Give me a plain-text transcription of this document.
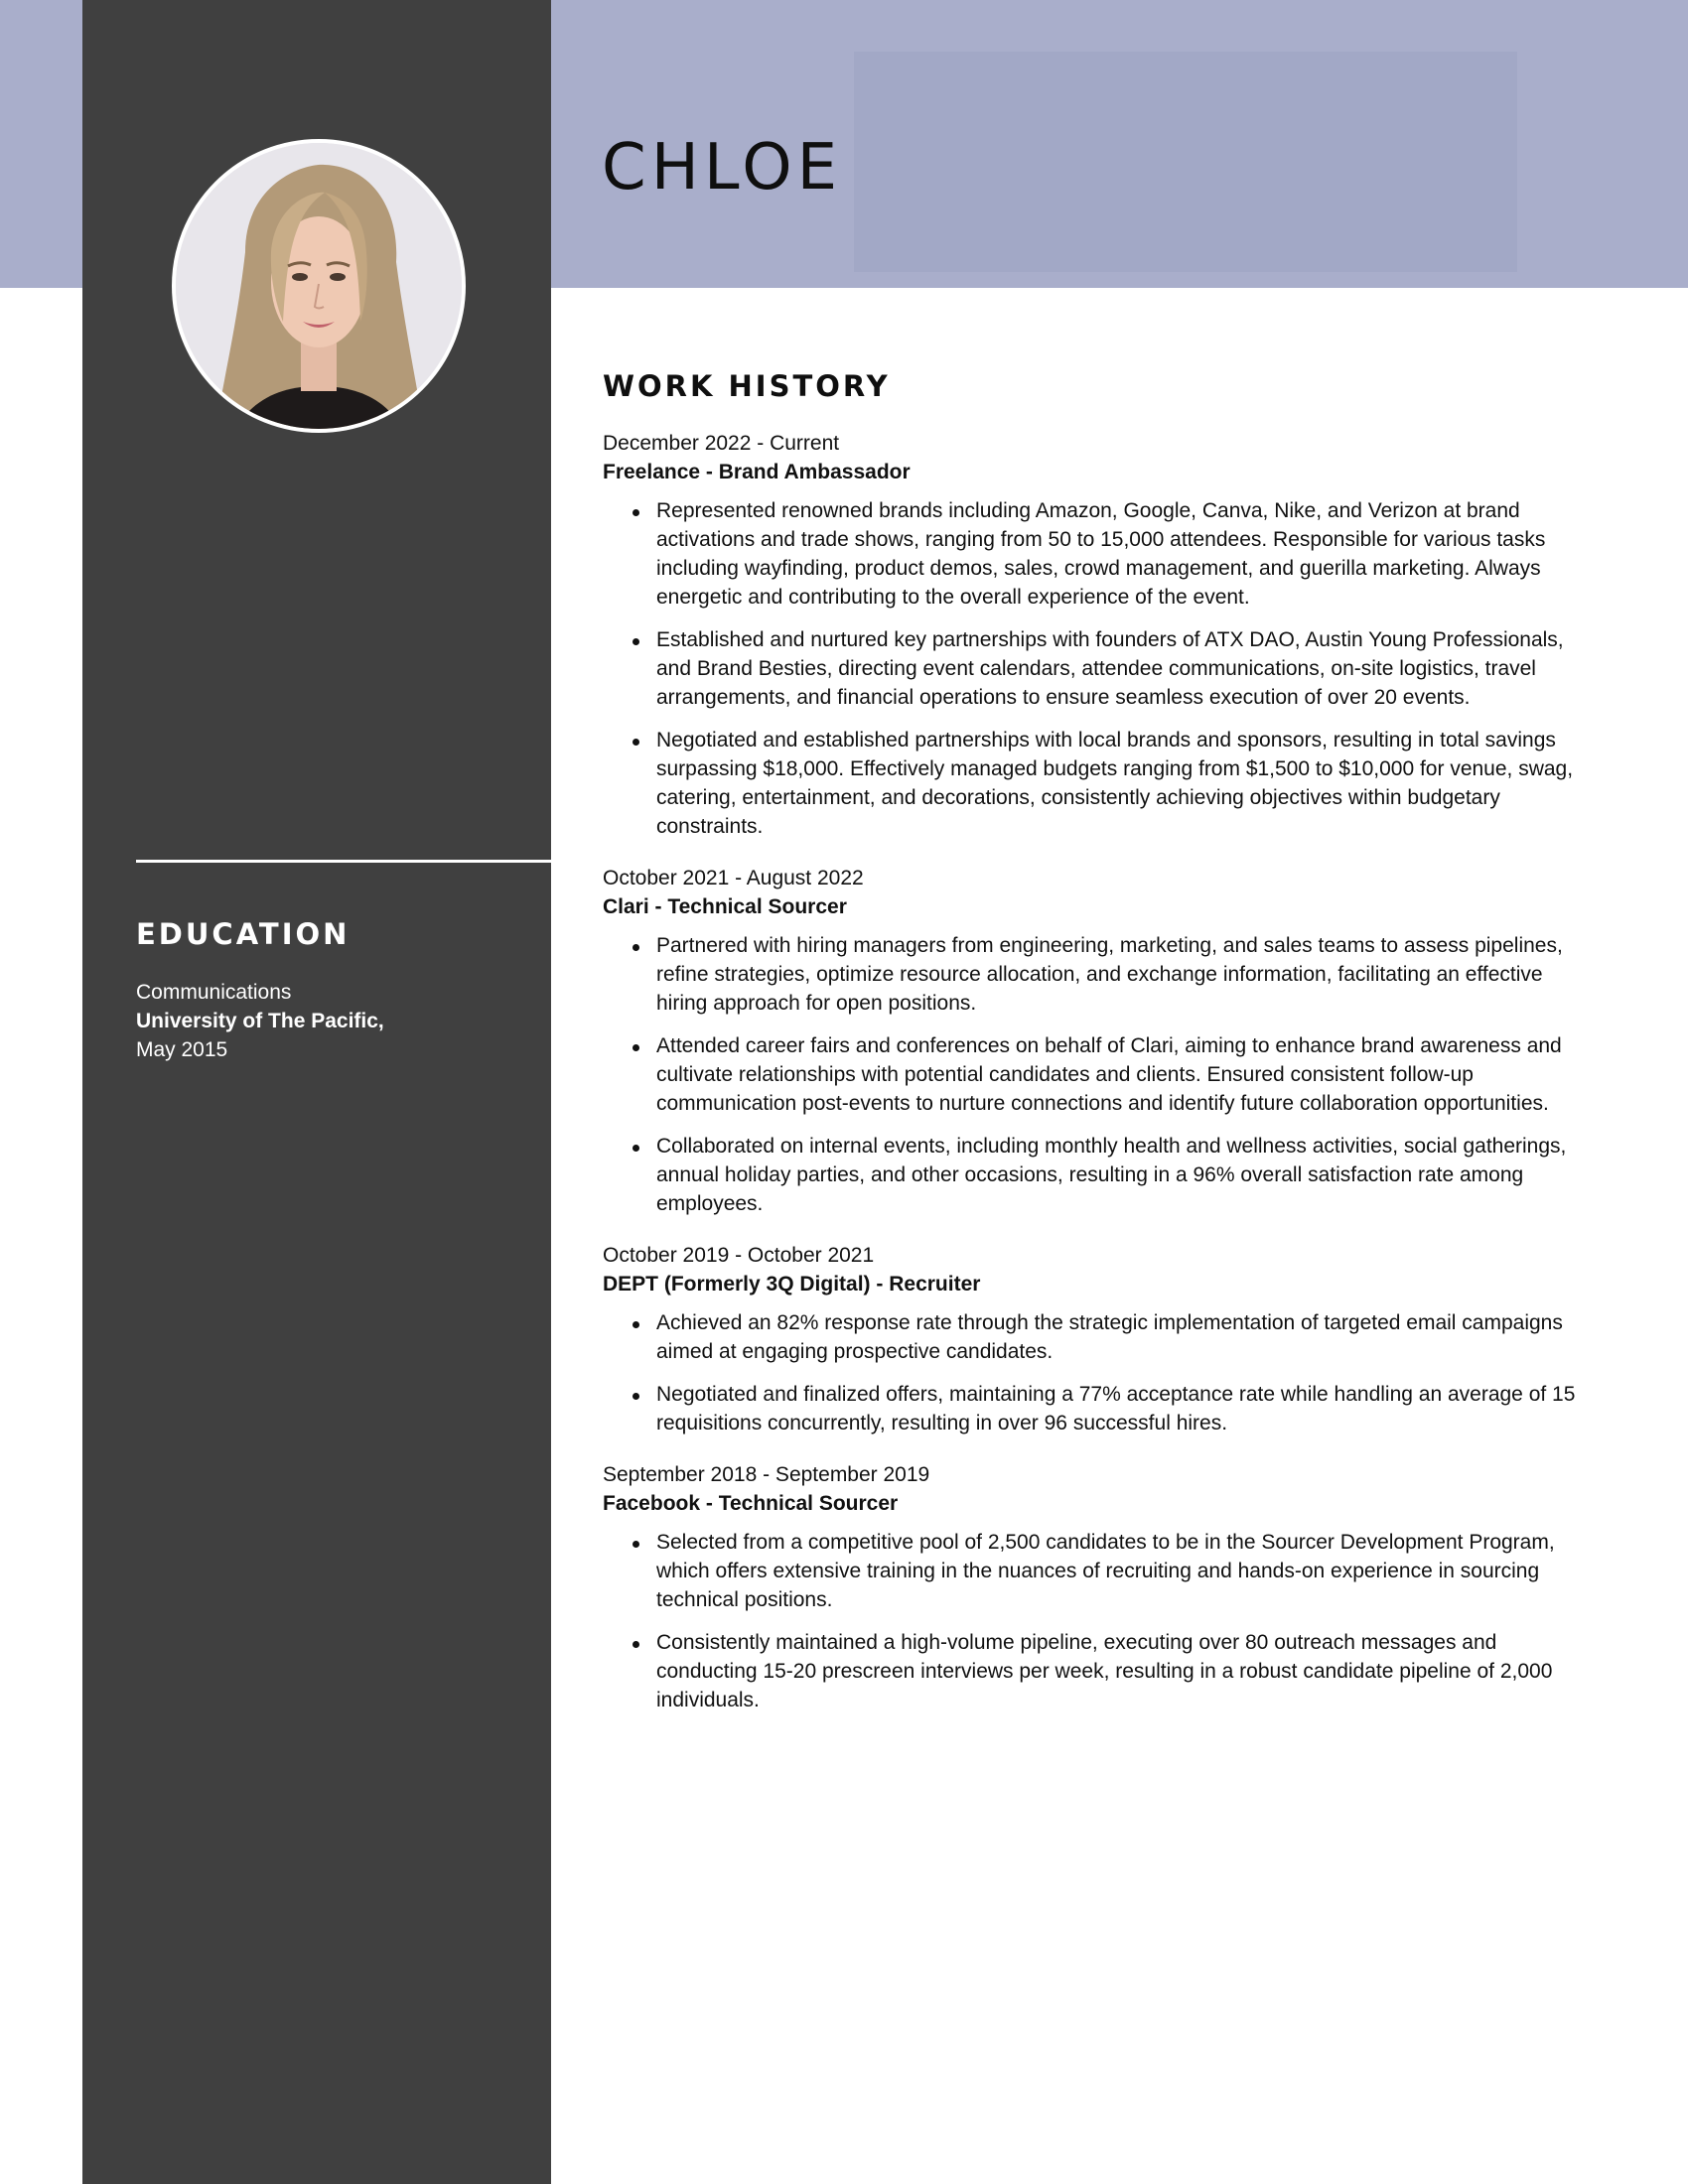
CHLOE
EDUCATION
Communications
University of The Pacific,
May 2015
WORK HISTORY
December 2022 - Current
Freelance - Brand Ambassador
Represented renowned brands including Amazon, Google, Canva, Nike, and Verizon at brand activations and trade shows, ranging from 50 to 15,000 attendees. Responsible for various tasks including wayfinding, product demos, sales, crowd management, and guerilla marketing. Always energetic and contributing to the overall experience of the event.
Established and nurtured key partnerships with founders of ATX DAO, Austin Young Professionals, and Brand Besties, directing event calendars, attendee communications, on-site logistics, travel arrangements, and financial operations to ensure seamless execution of over 20 events.
Negotiated and established partnerships with local brands and sponsors, resulting in total savings surpassing $18,000. Effectively managed budgets ranging from $1,500 to $10,000 for venue, swag, catering, entertainment, and decorations, consistently achieving objectives within budgetary constraints.
October 2021 - August 2022
Clari - Technical Sourcer
Partnered with hiring managers from engineering, marketing, and sales teams to assess pipelines, refine strategies, optimize resource allocation, and exchange information, facilitating an effective hiring approach for open positions.
Attended career fairs and conferences on behalf of Clari, aiming to enhance brand awareness and cultivate relationships with potential candidates and clients. Ensured consistent follow-up communication post-events to nurture connections and identify future collaboration opportunities.
Collaborated on internal events, including monthly health and wellness activities, social gatherings, annual holiday parties, and other occasions, resulting in a 96% overall satisfaction rate among employees.
October 2019 - October 2021
DEPT (Formerly 3Q Digital) - Recruiter
Achieved an 82% response rate through the strategic implementation of targeted email campaigns aimed at engaging prospective candidates.
Negotiated and finalized offers, maintaining a 77% acceptance rate while handling an average of 15 requisitions concurrently, resulting in over 96 successful hires.
September 2018 - September 2019
Facebook - Technical Sourcer
Selected from a competitive pool of 2,500 candidates to be in the Sourcer Development Program, which offers extensive training in the nuances of recruiting and hands-on experience in sourcing technical positions.
Consistently maintained a high-volume pipeline, executing over 80 outreach messages and conducting 15-20 prescreen interviews per week, resulting in a robust candidate pipeline of 2,000 individuals.
